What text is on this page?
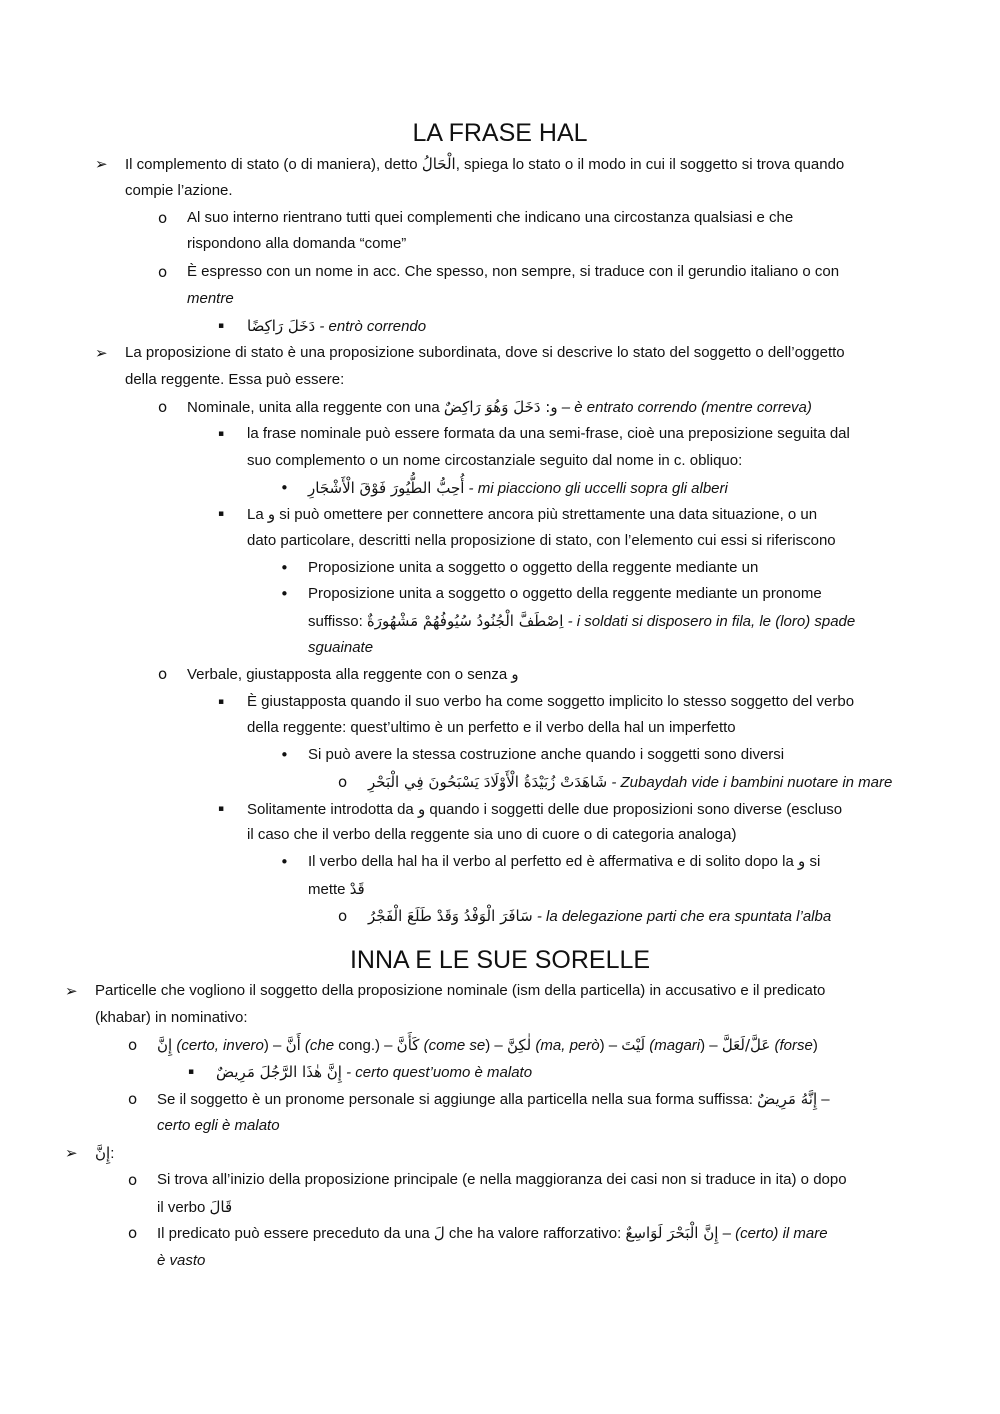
LA FRASE HAL
➢ Il complemento di stato (o di maniera), detto الْحَالُ, spiega lo stato o il modo in cui il soggetto si trova quando
compie l’azione.
o Al suo interno rientrano tutti quei complementi che indicano una circostanza qualsiasi e che
rispondono alla domanda “come”
o È espresso con un nome in acc. Che spesso, non sempre, si traduce con il gerundio italiano o con
mentre
▪ دَخَلَ رَاكِضًا - entrò correndo
➢ La proposizione di stato è una proposizione subordinata, dove si descrive lo stato del soggetto o dell’oggetto
della reggente. Essa può essere:
o Nominale, unita alla reggente con una و: دَخَلَ وَهُوَ رَاكِضٌ – è entrato correndo (mentre correva)
▪ la frase nominale può essere formata da una semi-frase, cioè una preposizione seguita dal
suo complemento o un nome circostanziale seguito dal nome in c. obliquo:
• أُحِبُّ الطُّيُورَ فَوْقَ الْأَشْجَارِ - mi piacciono gli uccelli sopra gli alberi
▪ La و si può omettere per connettere ancora più strettamente una data situazione, o un
dato particolare, descritti nella proposizione di stato, con l’elemento cui essi si riferiscono
• Proposizione unita a soggetto o oggetto della reggente mediante un
• Proposizione unita a soggetto o oggetto della reggente mediante un pronome
suffisso: اِصْطَفَّ الْجُنُودُ سُيُوفُهُمْ مَشْهُورَةٌ - i soldati si disposero in fila, le (loro) spade
sguainate
o Verbale, giustapposta alla reggente con o senza و
▪ È giustapposta quando il suo verbo ha come soggetto implicito lo stesso soggetto del verbo
della reggente: quest’ultimo è un perfetto e il verbo della hal un imperfetto
• Si può avere la stessa costruzione anche quando i soggetti sono diversi
o شَاهَدَتْ زُبَيْدَةُ الْأَوْلَادَ يَسْبَحُونَ فِي الْبَحْرِ - Zubaydah vide i bambini nuotare in mare
▪ Solitamente introdotta da و quando i soggetti delle due proposizioni sono diverse (escluso
il caso che il verbo della reggente sia uno di cuore o di categoria analoga)
• Il verbo della hal ha il verbo al perfetto ed è affermativa e di solito dopo la و si
mette قَدْ
o سَافَرَ الْوَفْدُ وَقَدْ طَلَعَ الْفَجْرُ - la delegazione parti che era spuntata l’alba
INNA E LE SUE SORELLE
➢ Particelle che vogliono il soggetto della proposizione nominale (ism della particella) in accusativo e il predicato
(khabar) in nominativo:
o إِنَّ (certo, invero) – أَنَّ (che cong.) – كَأَنَّ (come se) – لٰكِنَّ (ma, però) – لَيْتَ (magari) – عَلَّ/لَعَلَّ (forse)
▪ إِنَّ هٰذَا الرَّجُلَ مَرِيضٌ - certo quest’uomo è malato
o Se il soggetto è un pronome personale si aggiunge alla particella nella sua forma suffissa: إِنَّهُ مَرِيضٌ –
certo egli è malato
➢ إِنَّ:
o Si trova all’inizio della proposizione principale (e nella maggioranza dei casi non si traduce in ita) o dopo
il verbo قَالَ
o Il predicato può essere preceduto da una لَ che ha valore rafforzativo: إِنَّ الْبَحْرَ لَوَاسِعٌ – (certo) il mare
è vasto
